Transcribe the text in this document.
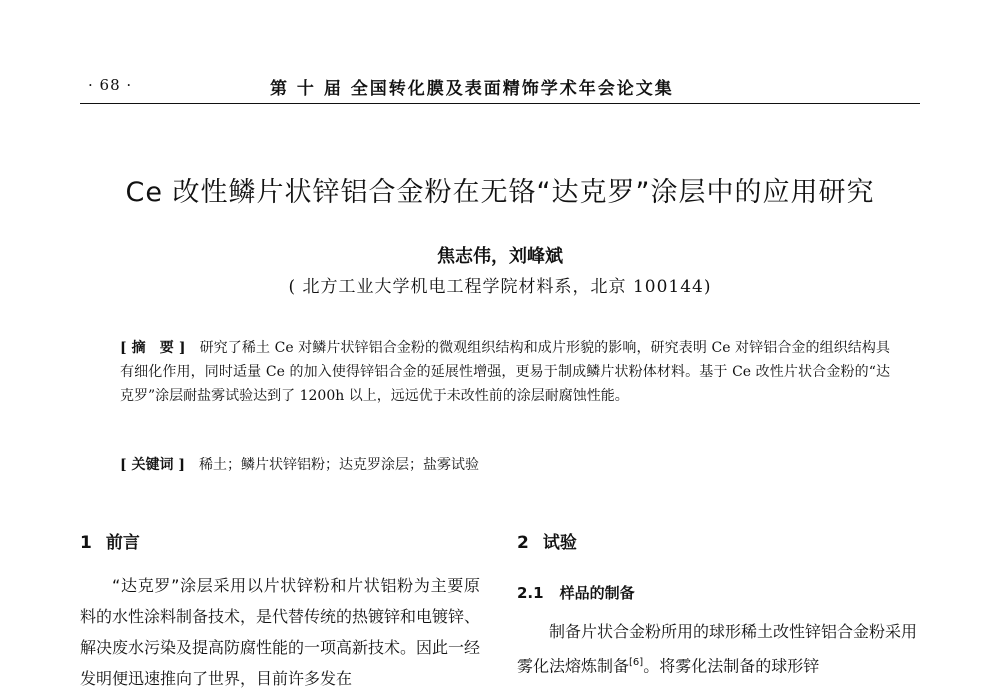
· 68 ·	第 十 届 全国转化膜及表面精饰学术年会论文集
Ce 改性鳞片状锌铝合金粉在无铬“达克罗”涂层中的应用研究
焦志伟，刘峰斌
( 北方工业大学机电工程学院材料系，北京 100144)
[ 摘　要 ] 研究了稀土 Ce 对鳞片状锌铝合金粉的微观组织结构和成片形貌的影响，研究表明 Ce 对锌铝合金的组织结构具有细化作用，同时适量 Ce 的加入使得锌铝合金的延展性增强，更易于制成鳞片状粉体材料。基于 Ce 改性片状合金粉的“达克罗”涂层耐盐雾试验达到了 1200h 以上，远远优于未改性前的涂层耐腐蚀性能。
[ 关键词 ] 稀土；鳞片状锌铝粉；达克罗涂层；盐雾试验
1 前言
“达克罗”涂层采用以片状锌粉和片状铝粉为主要原料的水性涂料制备技术，是代替传统的热镀锌和电镀锌、解决废水污染及提高防腐性能的一项高新技术。因此一经发明便迅速推向了世界，目前许多发在
2 试验
2.1 样品的制备
制备片状合金粉所用的球形稀土改性锌铝合金粉采用雾化法熔炼制备[6]。将雾化法制备的球形锌
